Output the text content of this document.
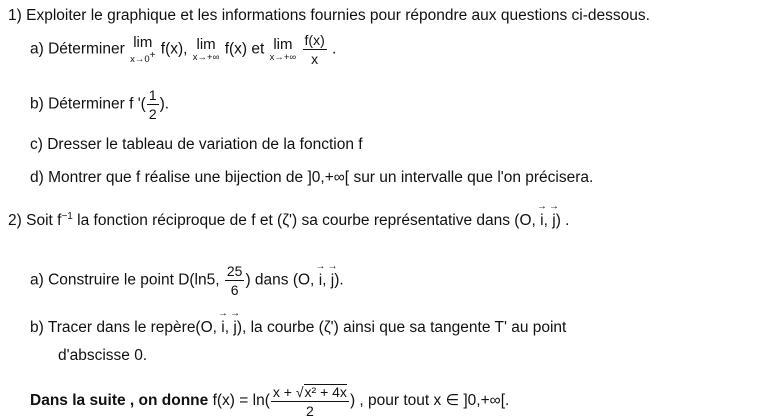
1) Exploiter le graphique et les informations fournies pour répondre aux questions ci-dessous.
a) Déterminer lim
x→0+ f(x), lim
x→+∞ f(x) et lim
x→+∞
$\frac{f(x)}{x}$ .
b) Déterminer f '( $\frac{1}{2}$ ).
c) Dresser le tableau de variation de la fonction f
d) Montrer que f réalise une bijection de ]0,+∞[ sur un intervalle que l'on précisera.
2) Soit $f^{-1}$ la fonction réciproque de f et (ζ') sa courbe représentative dans (O, → i, → j) .
a) Construire le point D(ln5, $\frac{25}{6}$ ) dans (O, → i, → j).
b) Tracer dans le repère(O, → i, → j), la courbe (ζ') ainsi que sa tangente T' au point
d'abscisse 0.
Dans la suite , on donne $f(x) = \ln( \frac{\text{x + √x² + 4x}}{2}$ ) , pour tout x ∈ ]0,+∞[.
